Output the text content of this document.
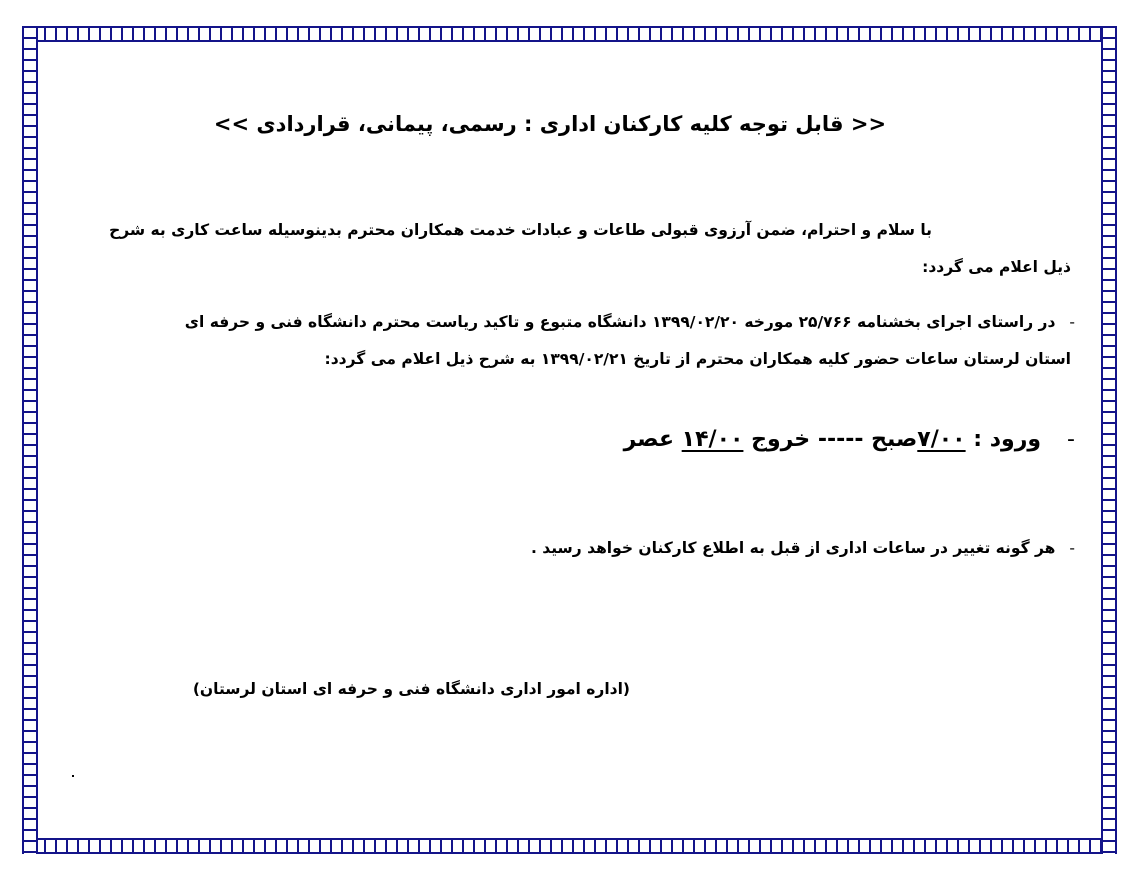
<< قابل توجه کلیه کارکنان اداری : رسمی، پیمانی، قراردادی >>
با سلام و احترام، ضمن آرزوی قبولی طاعات و عبادات خدمت همکاران محترم بدینوسیله ساعت کاری به شرح
ذیل اعلام می گردد:
-در راستای اجرای بخشنامه ۲۵/۷۶۶ مورخه ۱۳۹۹/۰۲/۲۰ دانشگاه متبوع و تاکید ریاست محترم دانشگاه فنی و حرفه ای
استان لرستان ساعات حضور کلیه همکاران محترم از تاریخ ۱۳۹۹/۰۲/۲۱ به شرح ذیل اعلام می گردد:
-ورود : ۷/۰۰صبح ----- خروج ۱۴/۰۰ عصر
-هر گونه تغییر در ساعات اداری از قبل به اطلاع کارکنان خواهد رسید .
(اداره امور اداری دانشگاه فنی و حرفه ای استان لرستان)
